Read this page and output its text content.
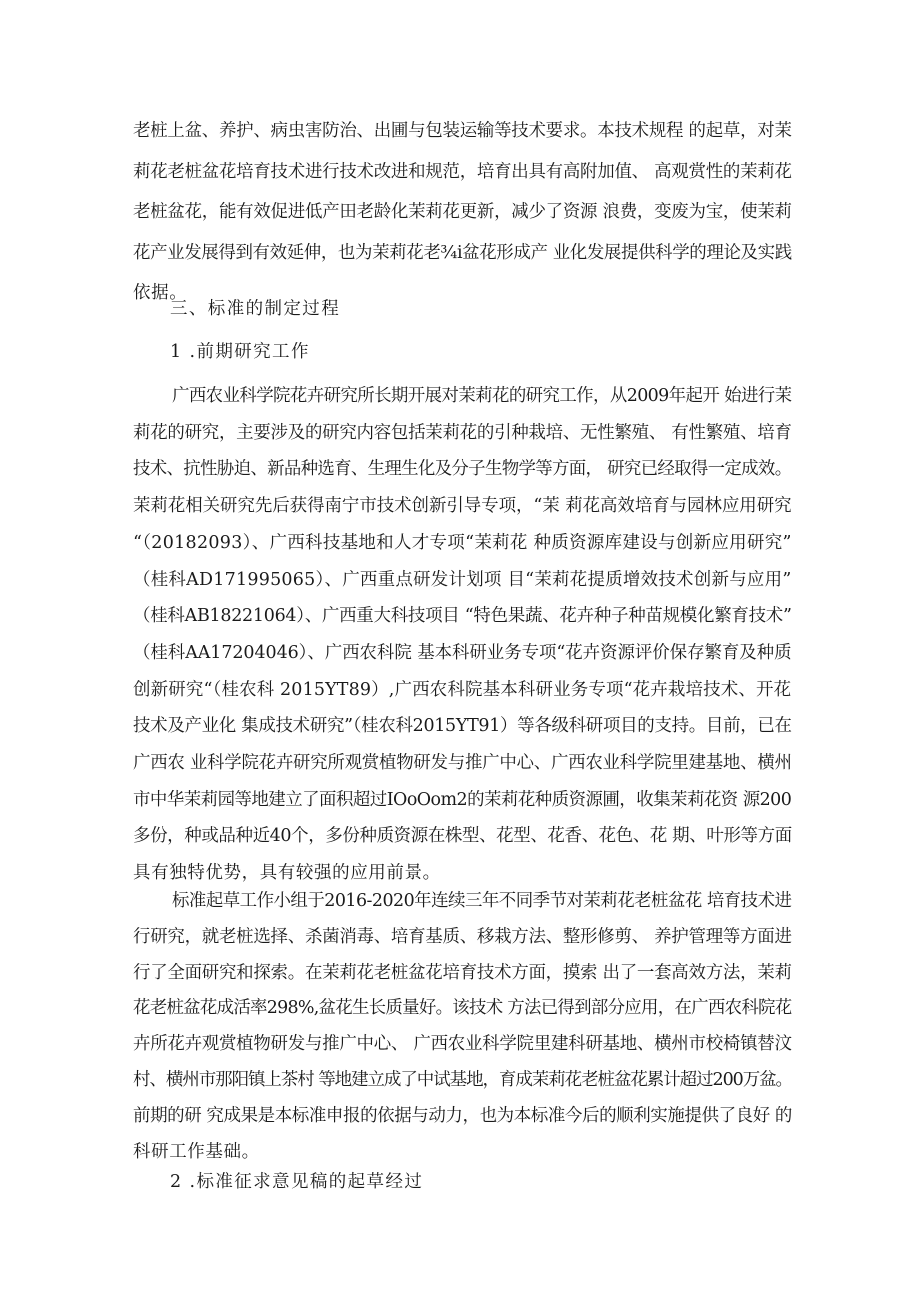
老桩上盆、养护、病虫害防治、出圃与包装运输等技术要求。本技术规程 的起草，对茉
莉花老桩盆花培育技术进行技术改进和规范，培育出具有高附加值、 高观赏性的茉莉花
老桩盆花，能有效促进低产田老龄化茉莉花更新，减少了资源 浪费，变废为宝，使茉莉
花产业发展得到有效延伸，也为茉莉花老¾i盆花形成产 业化发展提供科学的理论及实践
依据。
三、标准的制定过程
1 .前期研究工作
广西农业科学院花卉研究所长期开展对茉莉花的研究工作，从2009年起开 始进行茉
莉花的研究，主要涉及的研究内容包括茉莉花的引种栽培、无性繁殖、 有性繁殖、培育
技术、抗性胁迫、新品种选育、生理生化及分子生物学等方面， 研究已经取得一定成效。
茉莉花相关研究先后获得南宁市技术创新引导专项，“茉 莉花高效培育与园林应用研究
“（20182093）、广西科技基地和人才专项“茉莉花 种质资源库建设与创新应用研究”
（桂科AD171995065）、广西重点研发计划项 目“茉莉花提质增效技术创新与应用”
（桂科AB18221064）、广西重大科技项目 “特色果蔬、花卉种子种苗规模化繁育技术”
（桂科AA17204046）、广西农科院 基本科研业务专项“花卉资源评价保存繁育及种质
创新研究“（桂农科 2015YT89）,广西农科院基本科研业务专项“花卉栽培技术、开花
技术及产业化 集成技术研究”（桂农科2015YT91）等各级科研项目的支持。目前，已在
广西农 业科学院花卉研究所观赏植物研发与推广中心、广西农业科学院里建基地、横州
市中华茉莉园等地建立了面积超过IOoOom2的茉莉花种质资源圃，收集茉莉花资 源200
多份，种或品种近40个，多份种质资源在株型、花型、花香、花色、花 期、叶形等方面
具有独特优势，具有较强的应用前景。
标准起草工作小组于2016-2020年连续三年不同季节对茉莉花老桩盆花 培育技术进
行研究，就老桩选择、杀菌消毒、培育基质、移栽方法、整形修剪、 养护管理等方面进
行了全面研究和探索。在茉莉花老桩盆花培育技术方面，摸索 出了一套高效方法，茉莉
花老桩盆花成活率298%,盆花生长质量好。该技术 方法已得到部分应用，在广西农科院花
卉所花卉观赏植物研发与推广中心、 广西农业科学院里建科研基地、横州市校椅镇替汶
村、横州市那阳镇上茶村 等地建立成了中试基地，育成茉莉花老桩盆花累计超过200万盆。
前期的研 究成果是本标准申报的依据与动力，也为本标准今后的顺利实施提供了良好 的
科研工作基础。
2 .标准征求意见稿的起草经过
